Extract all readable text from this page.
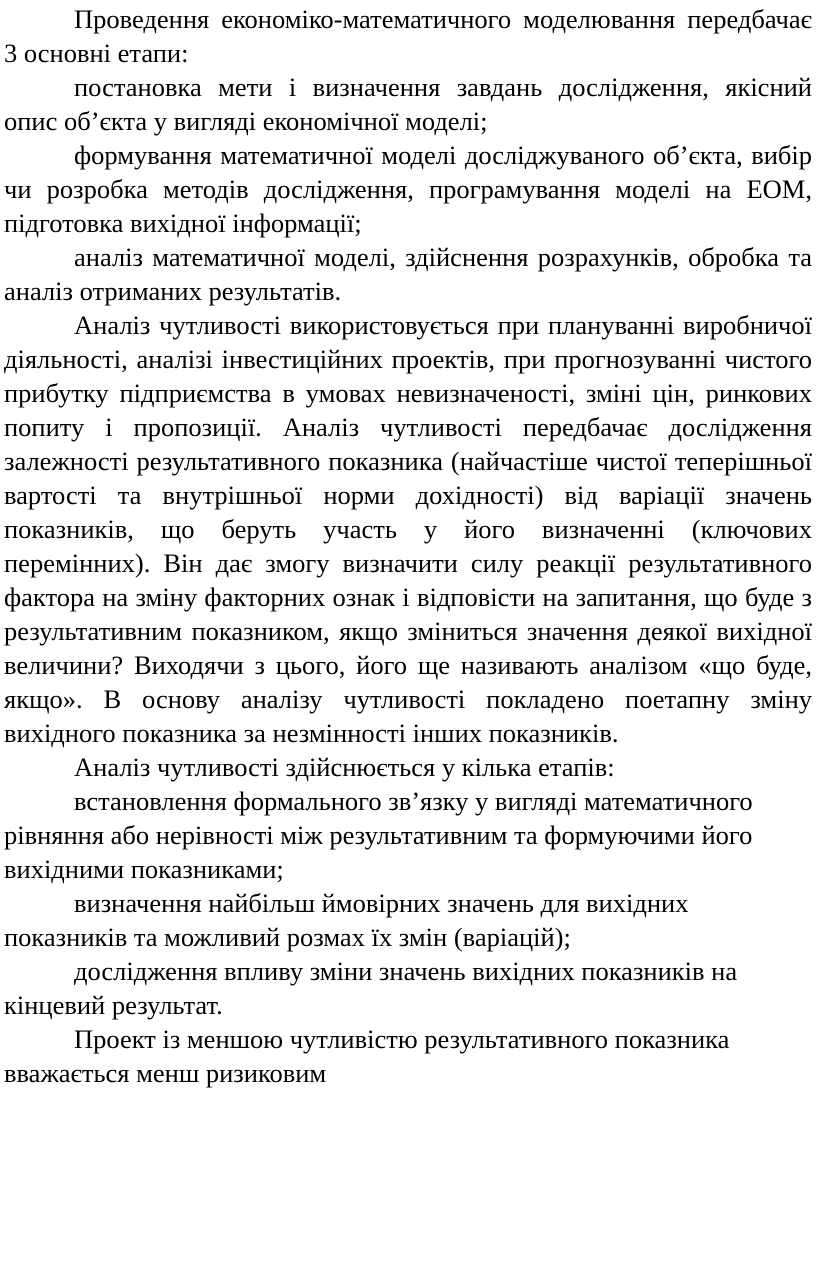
Проведення економіко-математичного моделювання передбачає 3 основні етапи:

постановка мети і визначення завдань дослідження, якісний опис об’єкта у вигляді економічної моделі;

формування математичної моделі досліджуваного об’єкта, вибір чи розробка методів дослідження, програмування моделі на ЕОМ, підготовка вихідної інформації;

аналіз математичної моделі, здійснення розрахунків, обробка та аналіз отриманих результатів.

Аналіз чутливості використовується при плануванні виробничої діяльності, аналізі інвестиційних проектів, при прогнозуванні чистого прибутку підприємства в умовах невизначеності, зміні цін, ринкових попиту і пропозиції. Аналіз чутливості передбачає дослідження залежності результативного показника (найчастіше чистої теперішньої вартості та внутрішньої норми дохідності) від варіації значень показників, що беруть участь у його визначенні (ключових перемінних). Він дає змогу визначити силу реакції результативного фактора на зміну факторних ознак і відповісти на запитання, що буде з результативним показником, якщо зміниться значення деякої вихідної величини? Виходячи з цього, його ще називають аналізом «що буде, якщо». В основу аналізу чутливості покладено поетапну зміну вихідного показника за незмінності інших показників.

Аналіз чутливості здійснюється у кілька етапів:

встановлення формального зв’язку у вигляді математичного рівняння або нерівності між результативним та формуючими його вихідними показниками;

визначення найбільш ймовірних значень для вихідних показників та можливий розмах їх змін (варіацій);

дослідження впливу зміни значень вихідних показників на кінцевий результат.

Проект із меншою чутливістю результативного показника вважається менш ризиковим
